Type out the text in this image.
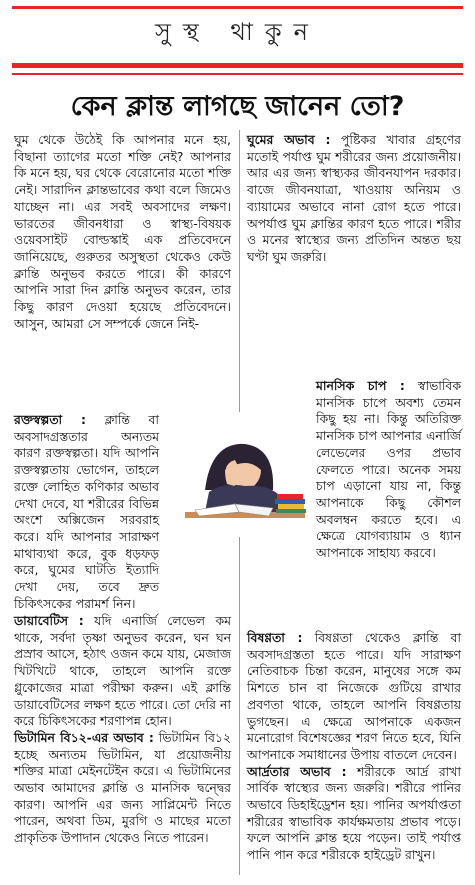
সুস্থ থাকুন
কেন ক্লান্ত লাগছে জানেন তো?

ঘুম থেকে উঠেই কি আপনার মনে হয়, বিছানা ত্যাগের মতো শক্তি নেই? আপনার কি মনে হয়, ঘর থেকে বেরোনোর মতো শক্তি নেই। সারাদিন ক্লান্তভাবের কথা বলে জিমেও যাচ্ছেন না। এর সবই অবসাদের লক্ষণ। ভারতের জীবনধারা ও স্বাস্থ্য-বিষয়ক ওয়েবসাইট বোল্ডস্কাই এক প্রতিবেদনে জানিয়েছে, গুরুতর অসুস্থতা থেকেও কেউ ক্লান্তি অনুভব করতে পারে। কী কারণে আপনি সারা দিন ক্লান্তি অনুভব করেন, তার কিছু কারণ দেওয়া হয়েছে প্রতিবেদনে। আসুন, আমরা সে সম্পর্কে জেনে নিই-

রক্তস্বল্পতা : ক্লান্তি বা অবসাদগ্রস্ততার অন্যতম কারণ রক্তস্বল্পতা। যদি আপনি রক্তস্বল্পতায় ভোগেন, তাহলে রক্তে লোহিত কণিকার অভাব দেখা দেবে, যা শরীরের বিভিন্ন অংশে অক্সিজেন সরবরাহ করে। যদি আপনার সারাক্ষণ মাথাব্যথা করে, বুক ধড়ফড় করে, ঘুমের ঘাটতি ইত্যাদি দেখা দেয়, তবে দ্রুত চিকিৎসকের পরামর্শ নিন।

ডায়াবেটিস : যদি এনার্জি লেভেল কম থাকে, সর্বদা তৃষ্ণা অনুভব করেন, ঘন ঘন প্রস্রাব আসে, হঠাৎ ওজন কমে যায়, মেজাজ খিটখিটে থাকে, তাহলে আপনি রক্তে গ্লুকোজের মাত্রা পরীক্ষা করুন। এই ক্লান্তি ডায়াবেটিসের লক্ষণ হতে পারে। তো দেরি না করে চিকিৎসকের শরণাপন্ন হোন।

ভিটামিন বি১২-এর অভাব : ভিটামিন বি১২ হচ্ছে অন্যতম ভিটামিন, যা প্রয়োজনীয় শক্তির মাত্রা মেইনটেইন করে। এ ভিটামিনের অভাব আমাদের ক্লান্তি ও মানসিক দ্বন্দ্বের কারণ। আপনি এর জন্য সাপ্লিমেন্ট নিতে পারেন, অথবা ডিম, মুরগি ও মাছের মতো প্রাকৃতিক উপাদান থেকেও নিতে পারেন।

ঘুমের অভাব : পুষ্টিকর খাবার গ্রহণের মতোই পর্যাপ্ত ঘুম শরীরের জন্য প্রয়োজনীয়। আর এর জন্য স্বাস্থ্যকর জীবনযাপন দরকার। বাজে জীবনযাত্রা, খাওয়ায় অনিয়ম ও ব্যায়ামের অভাবে নানা রোগ হতে পারে। অপর্যাপ্ত ঘুম ক্লান্তির কারণ হতে পারে। শরীর ও মনের স্বাস্থ্যের জন্য প্রতিদিন অন্তত ছয় ঘণ্টা ঘুম জরুরি।

মানসিক চাপ : স্বাভাবিক মানসিক চাপে অবশ্য তেমন কিছু হয় না। কিন্তু অতিরিক্ত মানসিক চাপ আপনার এনার্জি লেভেলের ওপর প্রভাব ফেলতে পারে। অনেক সময় চাপ এড়ানো যায় না, কিন্তু আপনাকে কিছু কৌশল অবলম্বন করতে হবে। এ ক্ষেত্রে যোগব্যায়াম ও ধ্যান আপনাকে সাহায্য করবে।

বিষণ্ণতা : বিষণ্ণতা থেকেও ক্লান্তি বা অবসাদগ্রস্ততা হতে পারে। যদি সারাক্ষণ নেতিবাচক চিন্তা করেন, মানুষের সঙ্গে কম মিশতে চান বা নিজেকে গুটিয়ে রাখার প্রবণতা থাকে, তাহলে আপনি বিষণ্ণতায় ভুগছেন। এ ক্ষেত্রে আপনাকে একজন মনোরোগ বিশেষজ্ঞের শরণ নিতে হবে, যিনি আপনাকে সমাধানের উপায় বাতলে দেবেন।

আর্দ্রতার অভাব : শরীরকে আর্দ্র রাখা সার্বিক স্বাস্থ্যের জন্য জরুরি। শরীরে পানির অভাবে ডিহাইড্রেশন হয়। পানির অপর্যাপ্ততা শরীরের স্বাভাবিক কার্যক্ষমতায় প্রভাব পড়ে। ফলে আপনি ক্লান্ত হয়ে পড়েন। তাই পর্যাপ্ত পানি পান করে শরীরকে হাইড্রেট রাখুন।
